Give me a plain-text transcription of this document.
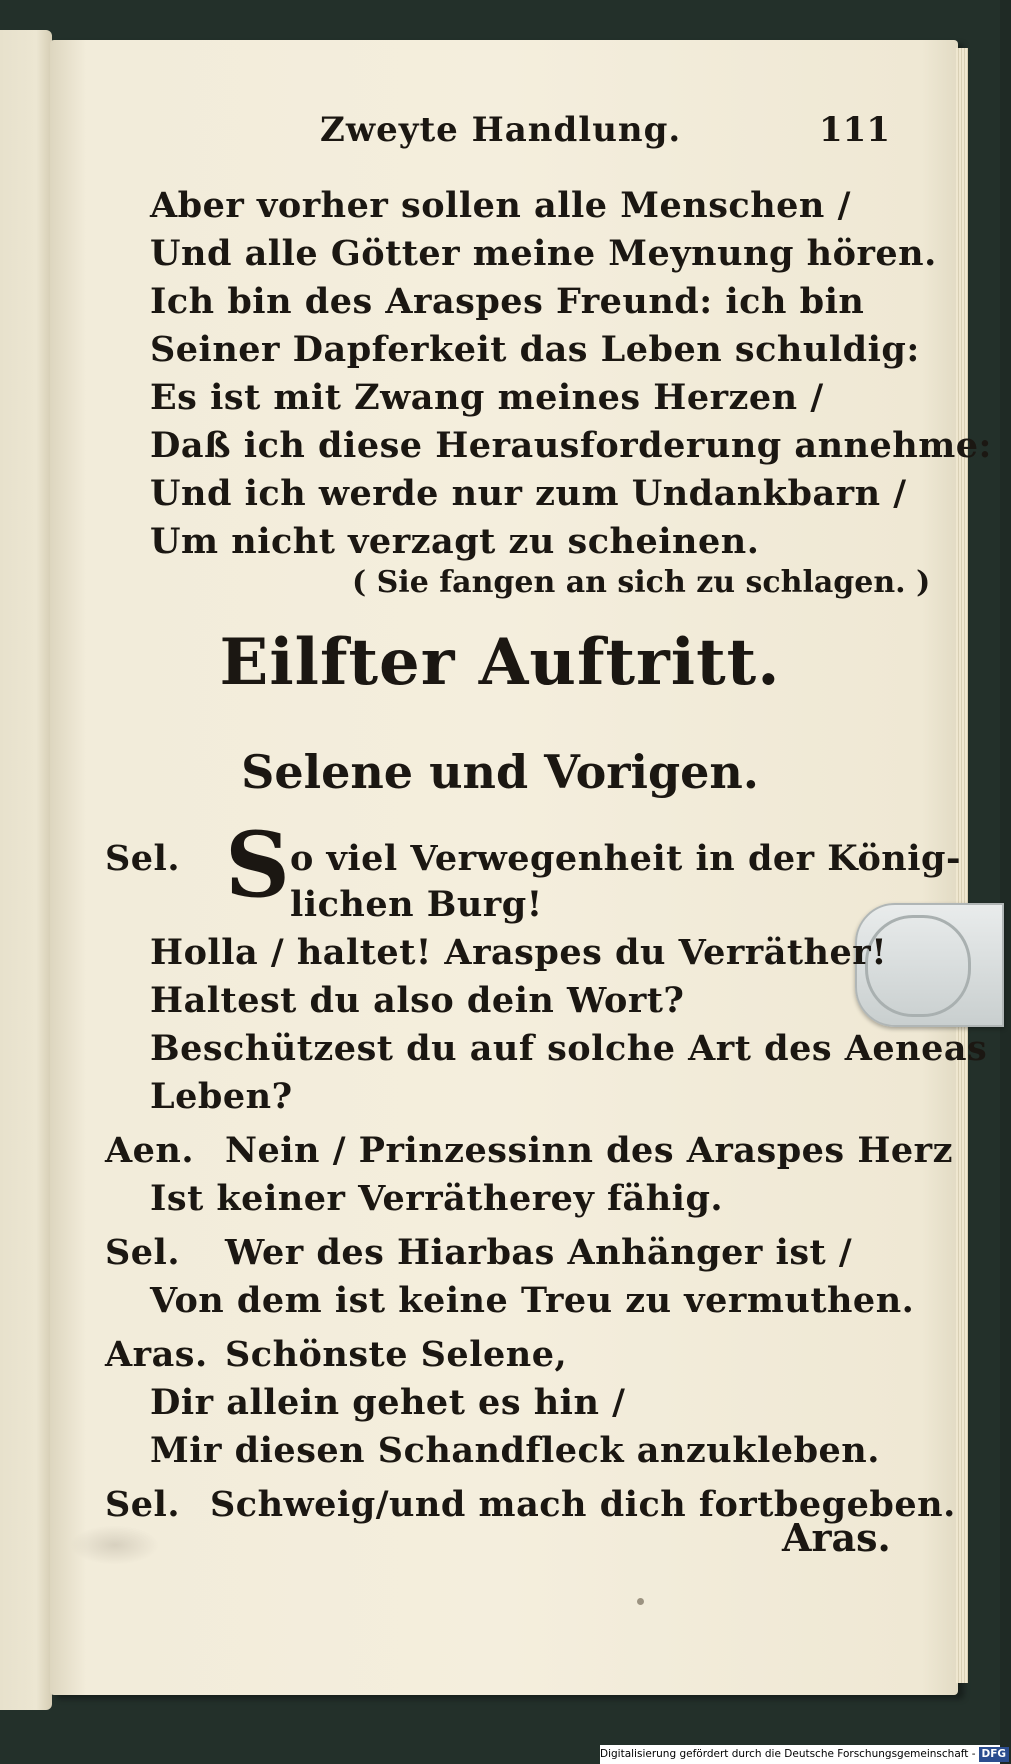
Zweyte Handlung.	111
Aber vorher sollen alle Menschen /
Und alle Götter meine Meynung hören.
Ich bin des Araspes Freund: ich bin
Seiner Dapferkeit das Leben schuldig:
Es ist mit Zwang meines Herzen /
Daß ich diese Herausforderung annehme:
Und ich werde nur zum Undankbarn /
Um nicht verzagt zu scheinen.
( Sie fangen an sich zu schlagen. )
Eilfter Auftritt.
Selene und Vorigen.
Sel. S o viel Verwegenheit in der König-
lichen Burg!
Holla / haltet! Araspes du Verräther!
Haltest du also dein Wort?
Beschützest du auf solche Art des Aeneas
Leben?
Aen. Nein / Prinzessinn des Araspes Herz
Ist keiner Verrätherey fähig.
Sel. Wer des Hiarbas Anhänger ist /
Von dem ist keine Treu zu vermuthen.
Aras. Schönste Selene,
Dir allein gehet es hin /
Mir diesen Schandfleck anzukleben.
Sel. Schweig/und mach dich fortbegeben.
Aras.
Digitalisierung gefördert durch die Deutsche Forschungsgemeinschaft - DFG
